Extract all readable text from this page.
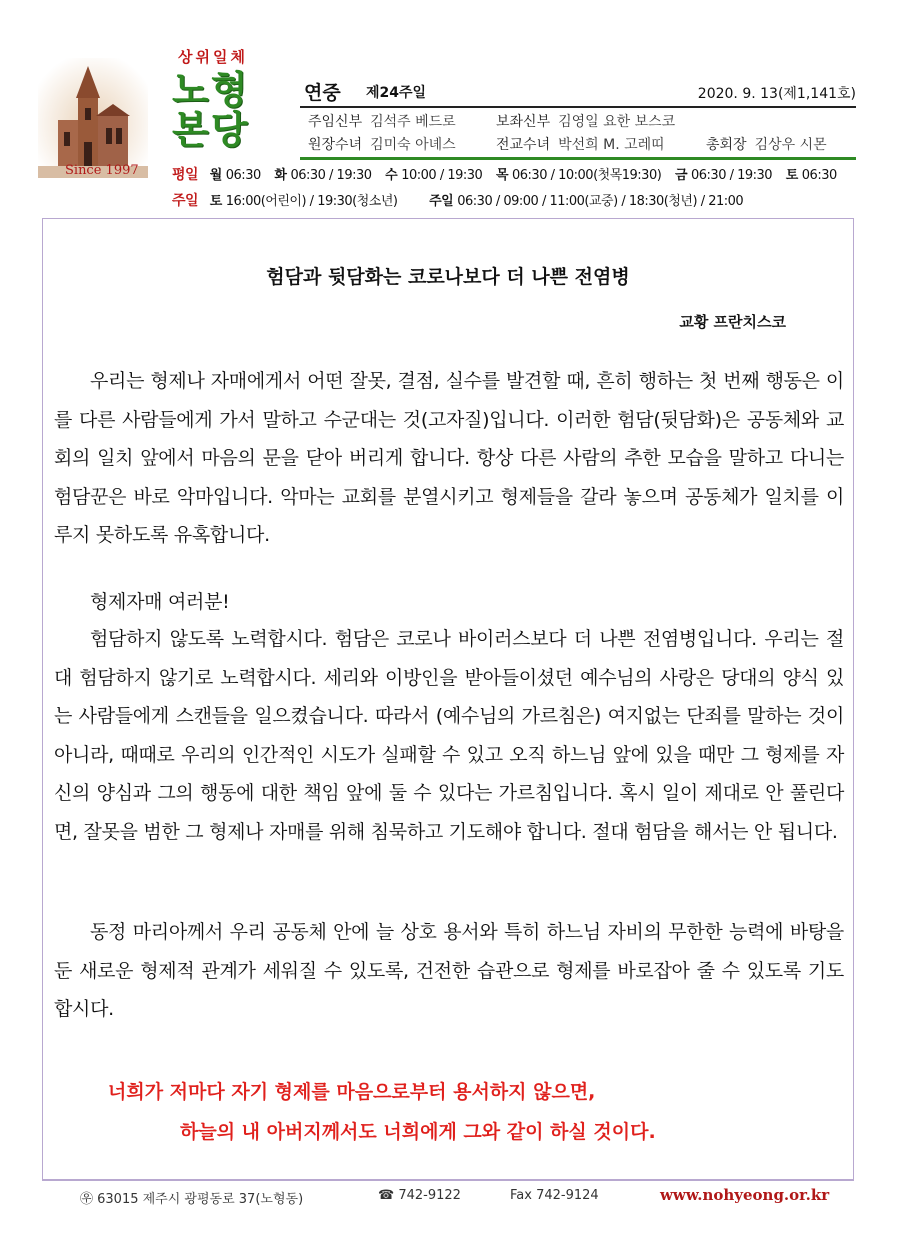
상위일체
노형
본당
Since 1997
연중 제24주일	2020. 9. 13(제1,141호)
주임신부 김석주 베드로	보좌신부 김영일 요한 보스코
원장수녀 김미숙 아녜스	전교수녀 박선희 M. 고레띠	총회장 김상우 시몬
평일 월 06:30 화 06:30 / 19:30 수 10:00 / 19:30 목 06:30 / 10:00(첫목19:30) 금 06:30 / 19:30 토 06:30
주일 토 16:00(어린이) / 19:30(청소년) 주일 06:30 / 09:00 / 11:00(교중) / 18:30(청년) / 21:00
험담과 뒷담화는 코로나보다 더 나쁜 전염병
교황 프란치스코
우리는 형제나 자매에게서 어떤 잘못, 결점, 실수를 발견할 때, 흔히 행하는 첫 번째 행동은 이를 다른 사람들에게 가서 말하고 수군대는 것(고자질)입니다. 이러한 험담(뒷담화)은 공동체와 교회의 일치 앞에서 마음의 문을 닫아 버리게 합니다. 항상 다른 사람의 추한 모습을 말하고 다니는 험담꾼은 바로 악마입니다. 악마는 교회를 분열시키고 형제들을 갈라 놓으며 공동체가 일치를 이루지 못하도록 유혹합니다.
형제자매 여러분!
험담하지 않도록 노력합시다. 험담은 코로나 바이러스보다 더 나쁜 전염병입니다. 우리는 절대 험담하지 않기로 노력합시다. 세리와 이방인을 받아들이셨던 예수님의 사랑은 당대의 양식 있는 사람들에게 스캔들을 일으켰습니다. 따라서 (예수님의 가르침은) 여지없는 단죄를 말하는 것이 아니라, 때때로 우리의 인간적인 시도가 실패할 수 있고 오직 하느님 앞에 있을 때만 그 형제를 자신의 양심과 그의 행동에 대한 책임 앞에 둘 수 있다는 가르침입니다. 혹시 일이 제대로 안 풀린다면, 잘못을 범한 그 형제나 자매를 위해 침묵하고 기도해야 합니다. 절대 험담을 해서는 안 됩니다.
동정 마리아께서 우리 공동체 안에 늘 상호 용서와 특히 하느님 자비의 무한한 능력에 바탕을 둔 새로운 형제적 관계가 세워질 수 있도록, 건전한 습관으로 형제를 바로잡아 줄 수 있도록 기도합시다.
너희가 저마다 자기 형제를 마음으로부터 용서하지 않으면,
하늘의 내 아버지께서도 너희에게 그와 같이 하실 것이다.
㉾ 63015 제주시 광평동로 37(노형동)	☎ 742-9122	Fax 742-9124	www.nohyeong.or.kr
